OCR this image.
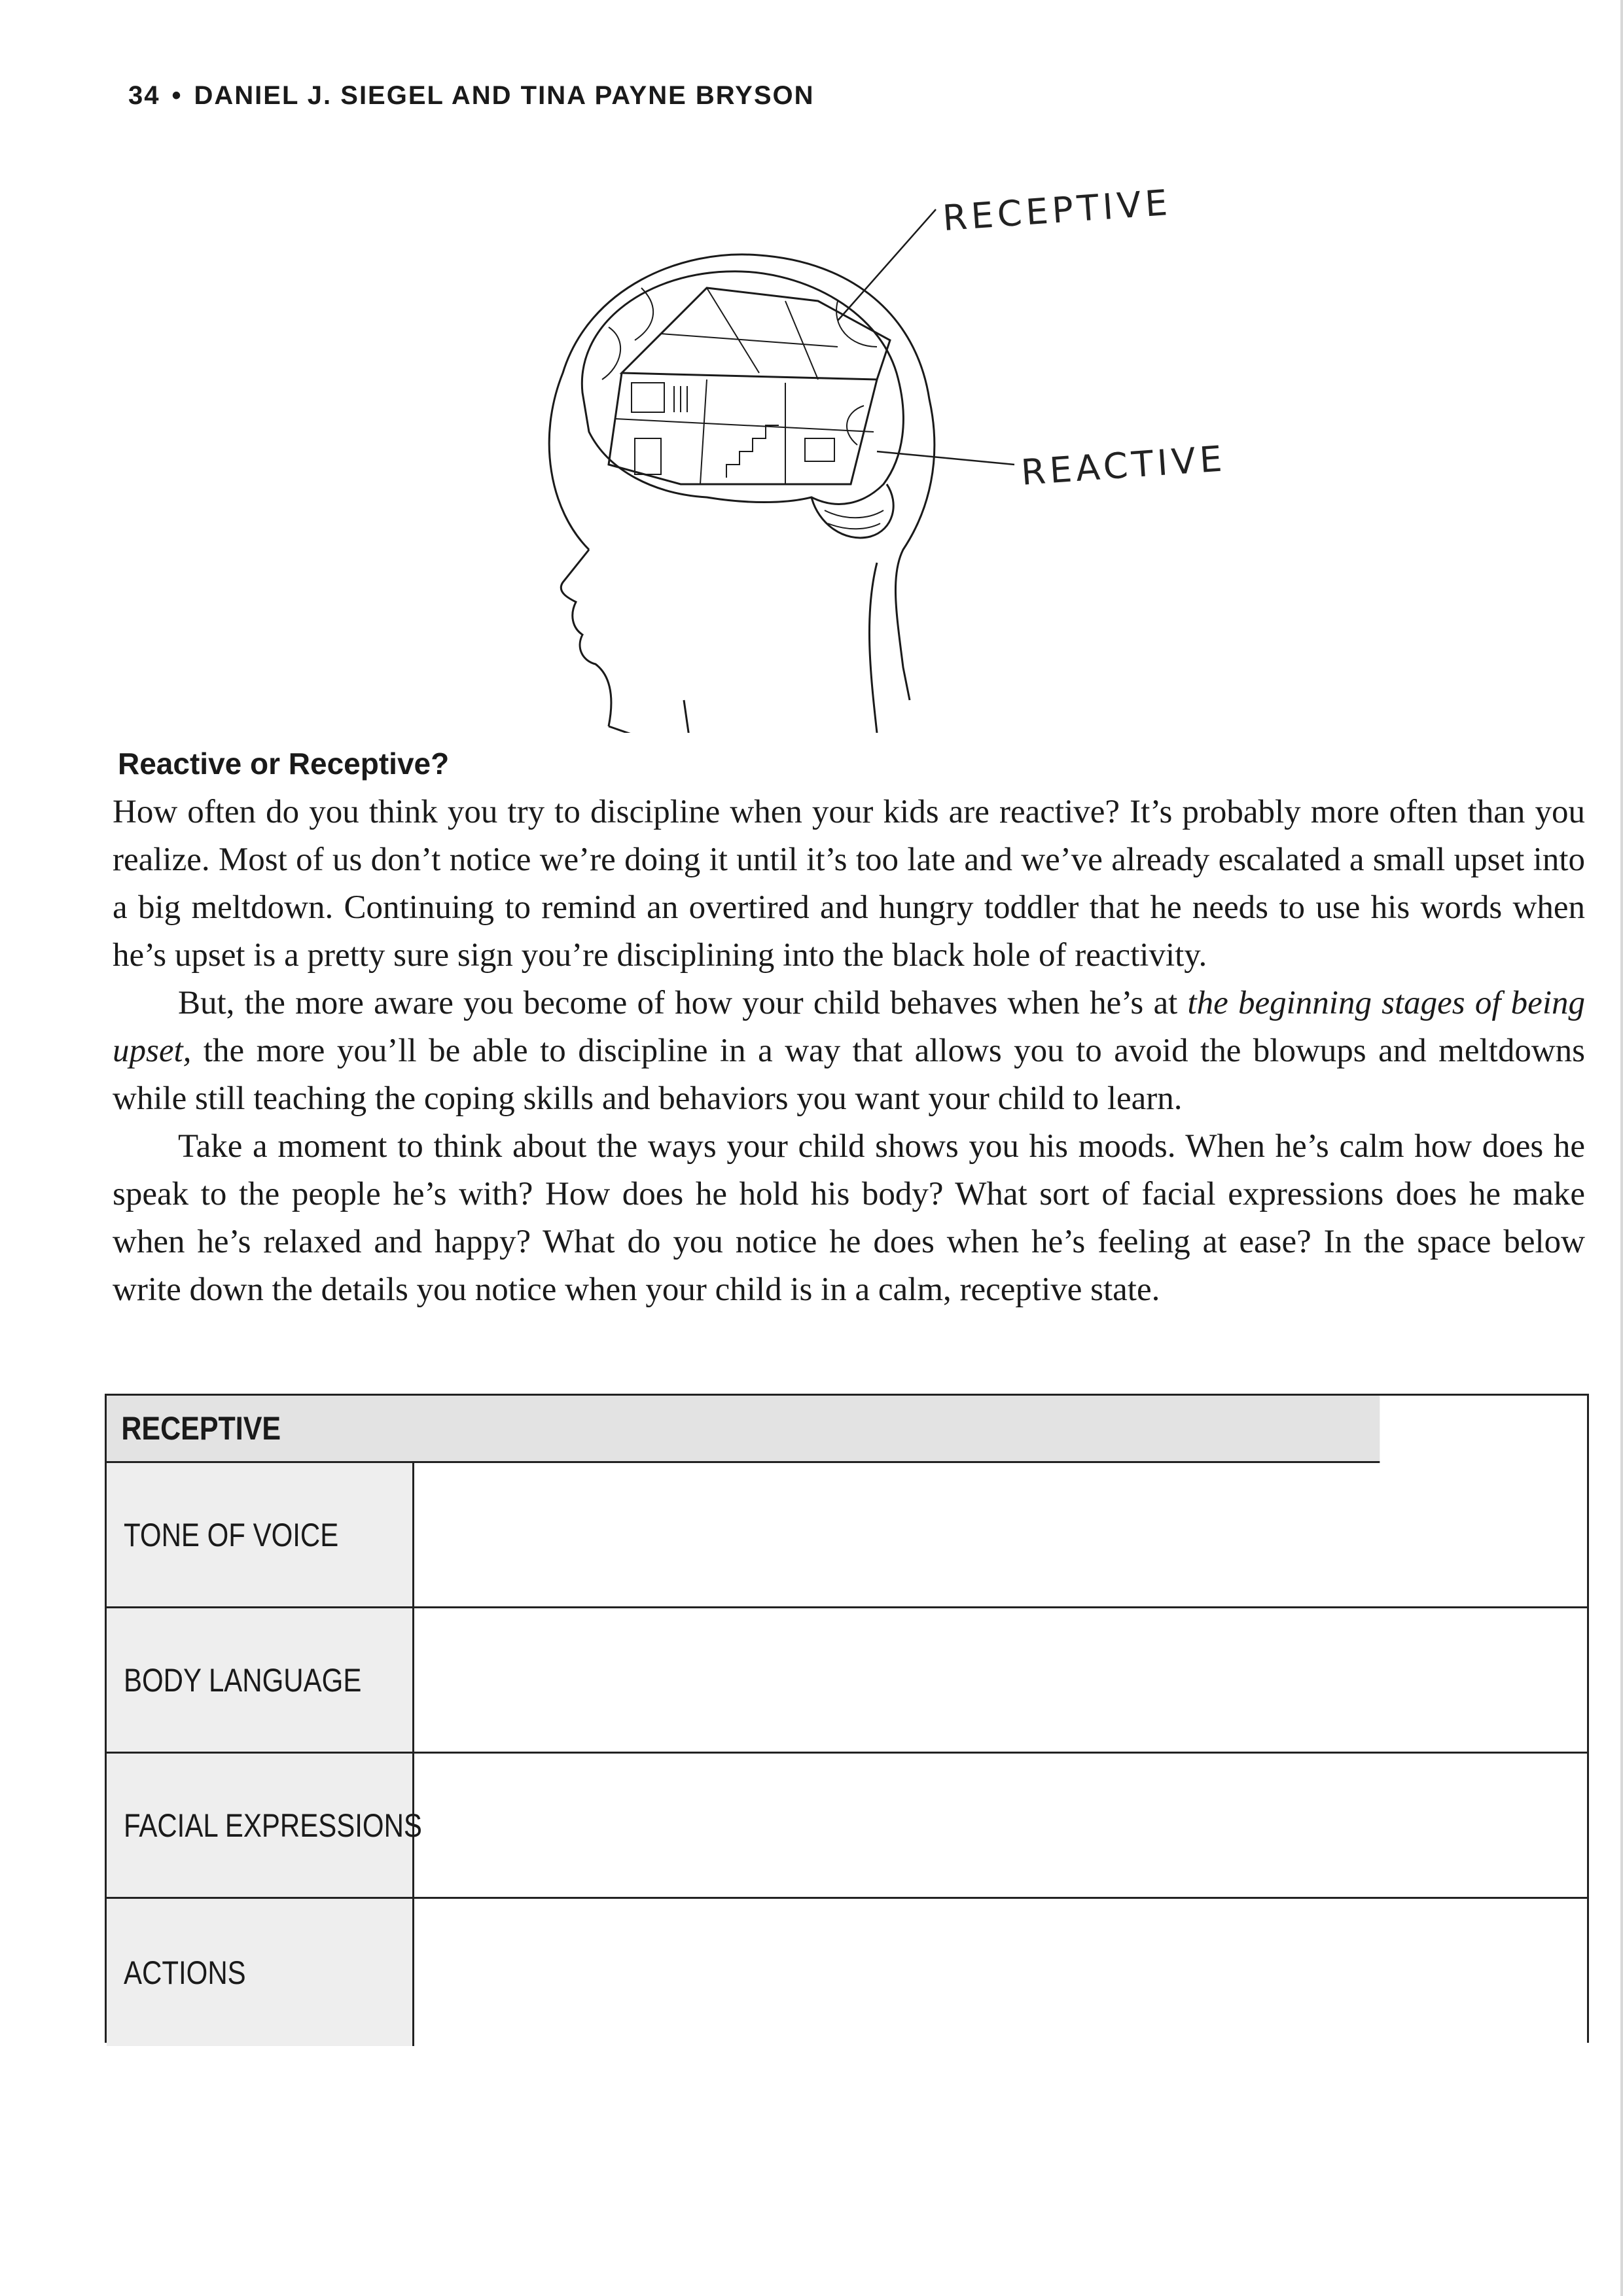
34 • DANIEL J. SIEGEL AND TINA PAYNE BRYSON
RECEPTIVE
REACTIVE
Reactive or Receptive?

How often do you think you try to discipline when your kids are reactive? It’s probably more often than you realize. Most of us don’t notice we’re doing it until it’s too late and we’ve already escalated a small upset into a big meltdown. Continuing to remind an overtired and hungry toddler that he needs to use his words when he’s upset is a pretty sure sign you’re disciplining into the black hole of reactivity.

But, the more aware you become of how your child behaves when he’s at the beginning stages of being upset, the more you’ll be able to discipline in a way that allows you to avoid the blowups and meltdowns while still teaching the coping skills and behaviors you want your child to learn.

Take a moment to think about the ways your child shows you his moods. When he’s calm how does he speak to the people he’s with? How does he hold his body? What sort of facial expressions does he make when he’s relaxed and happy? What do you notice he does when he’s feeling at ease? In the space below write down the details you notice when your child is in a calm, receptive state.

RECEPTIVE
TONE OF VOICE
BODY LANGUAGE
FACIAL EXPRESSIONS
ACTIONS
